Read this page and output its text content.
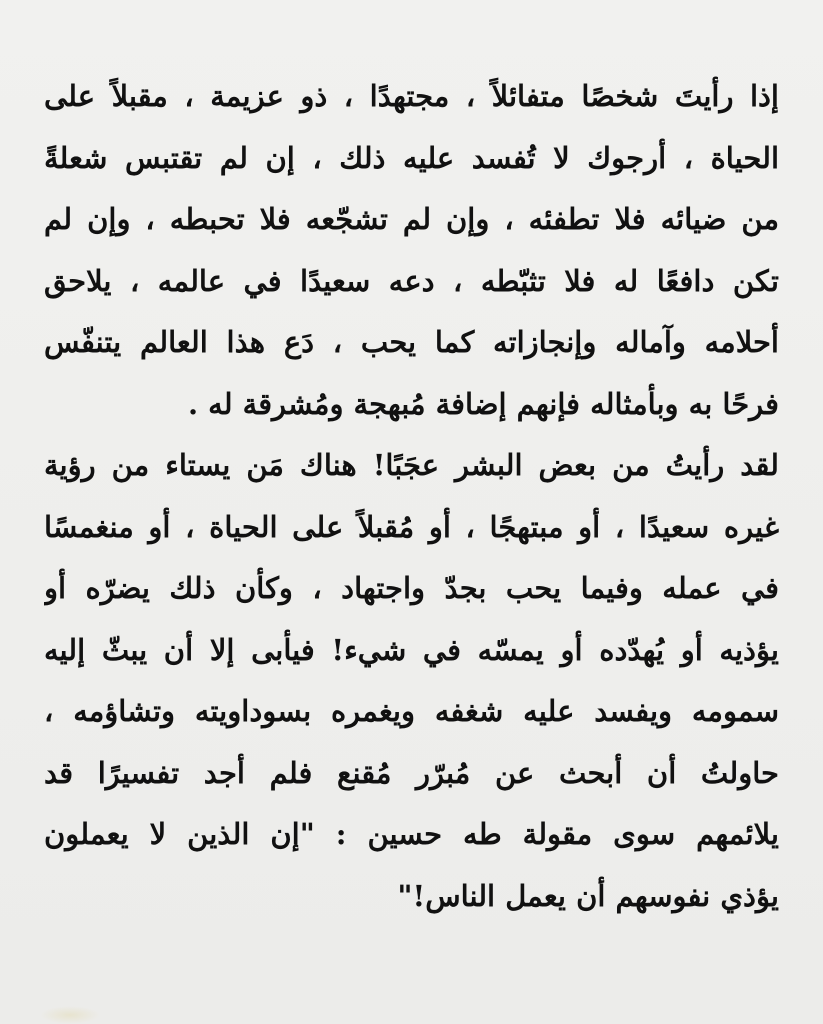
إذا رأيتَ شخصًا متفائلاً ، مجتهدًا ، ذو عزيمة ، مقبلاً على
الحياة ، أرجوك لا تُفسد عليه ذلك ، إن لم تقتبس شعلةً
من ضيائه فلا تطفئه ، وإن لم تشجّعه فلا تحبطه ، وإن لم
تكن دافعًا له فلا تثبّطه ، دعه سعيدًا في عالمه ، يلاحق
أحلامه وآماله وإنجازاته كما يحب ، دَع هذا العالم يتنفّس
فرحًا به وبأمثاله فإنهم إضافة مُبهجة ومُشرقة له .
لقد رأيتُ من بعض البشر عجَبًا! هناك مَن يستاء من رؤية
غيره سعيدًا ، أو مبتهجًا ، أو مُقبلاً على الحياة ، أو منغمسًا
في عمله وفيما يحب بجدّ واجتهاد ، وكأن ذلك يضرّه أو
يؤذيه أو يُهدّده أو يمسّه في شيء! فيأبى إلا أن يبثّ إليه
سمومه ويفسد عليه شغفه ويغمره بسوداويته وتشاؤمه ،
حاولتُ أن أبحث عن مُبرّر مُقنع فلم أجد تفسيرًا قد
يلائمهم سوى مقولة طه حسين : "إن الذين لا يعملون
يؤذي نفوسهم أن يعمل الناس!"
